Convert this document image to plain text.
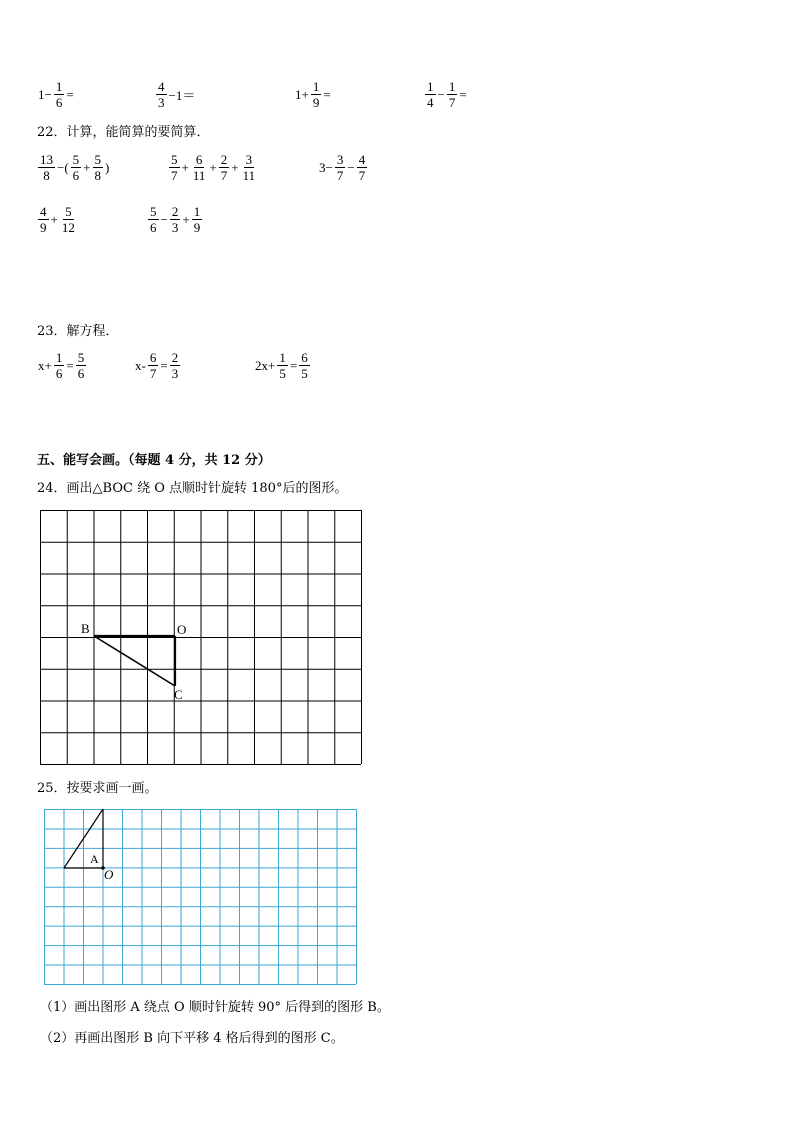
$1- \frac{1}{6}$ =	$\frac{4}{3} -1=$	$1+ \frac{1}{9}$ =	$\frac{1}{4} - \frac{1}{7}$ =
22．计算，能简算的要简算．
$\frac{13}{8}$ −( $\frac{5}{6} + \frac{5}{8}$ )	$\frac{5}{7} + \frac{6}{11} + \frac{2}{7} + \frac{3}{11}$	$3- \frac{3}{7} - \frac{4}{7}$
$\frac{4}{9} + \frac{5}{12}$	$\frac{5}{6} - \frac{2}{3} + \frac{1}{9}$
23．解方程．
$x+ \frac{1}{6} = \frac{5}{6}$	$x- \frac{6}{7} = \frac{2}{3}$	$2x+ \frac{1}{5} = \frac{6}{5}$
五、能写会画。（每题 4 分，共 12 分）
24．画出△BOC 绕 O 点顺时针旋转 180°后的图形。
B	O
C
25．按要求画一画。
A
O
（1）画出图形 A 绕点 O 顺时针旋转 90° 后得到的图形 B。
（2）再画出图形 B 向下平移 4 格后得到的图形 C。
